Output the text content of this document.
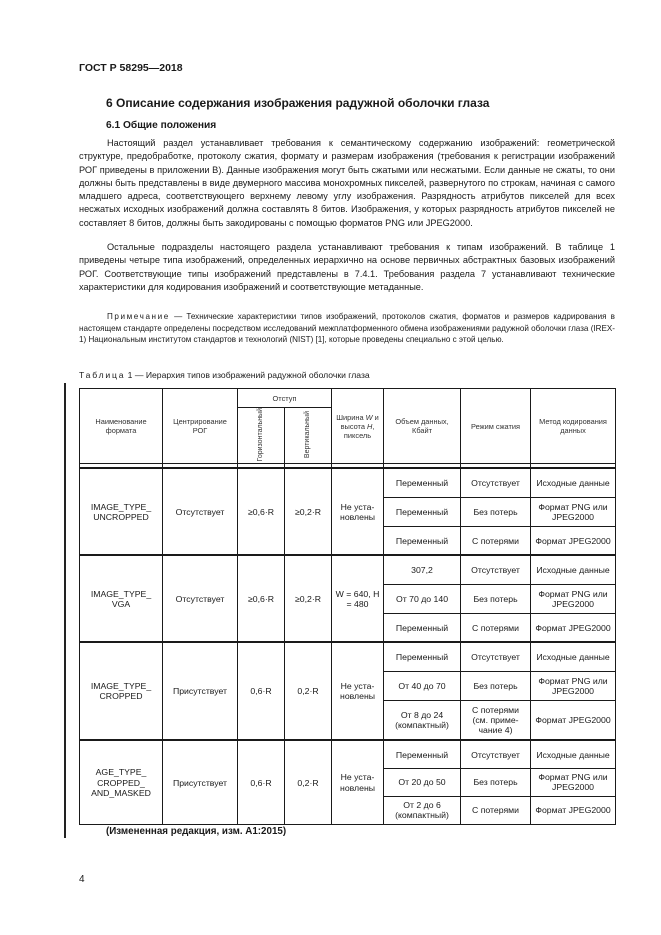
ГОСТ Р 58295—2018
6 Описание содержания изображения радужной оболочки глаза
6.1 Общие положения
Настоящий раздел устанавливает требования к семантическому содержанию изображений: геометрической структуре, предобработке, протоколу сжатия, формату и размерам изображения (требования к регистрации изображений РОГ приведены в приложении B). Данные изображения могут быть сжатыми или несжатыми. Если данные не сжаты, то они должны быть представлены в виде двумерного массива монохромных пикселей, развернутого по строкам, начиная с самого младшего адреса, соответствующего верхнему левому углу изображения. Разрядность атрибутов пикселей для всех несжатых исходных изображений должна составлять 8 битов. Изображения, у которых разрядность атрибутов пикселей не составляет 8 битов, должны быть закодированы с помощью форматов PNG или JPEG2000.
Остальные подразделы настоящего раздела устанавливают требования к типам изображений. В таблице 1 приведены четыре типа изображений, определенных иерархично на основе первичных абстрактных базовых изображений РОГ. Соответствующие типы изображений представлены в 7.4.1. Требования раздела 7 устанавливают технические характеристики для кодирования изображений и соответствующие метаданные.
Примечание — Технические характеристики типов изображений, протоколов сжатия, форматов и размеров кадрирования в настоящем стандарте определены посредством исследований межплатформенного обмена изображениями радужной оболочки глаза (IREX-1) Национальным институтом стандартов и технологий (NIST) [1], которые проведены специально с этой целью.
Таблица 1 — Иерархия типов изображений радужной оболочки глаза
Наименование формата	Центрирование РОГ	Отступ		Ширина W и высота H, пиксель	Объем данных, Кбайт	Режим сжатия	Метод кодирования данных
		Горизонтальный	Вертикальный				

IMAGE_TYPE_ UNCROPPED	Отсутствует	≥0,6·R	≥0,2·R	Не установлены	Переменный	Отсутствует	Исходные данные
					Переменный	Без потерь	Формат PNG или JPEG2000
					Переменный	С потерями	Формат JPEG2000
IMAGE_TYPE_ VGA	Отсутствует	≥0,6·R	≥0,2·R	W = 640, H = 480	307,2	Отсутствует	Исходные данные
					От 70 до 140	Без потерь	Формат PNG или JPEG2000
					Переменный	С потерями	Формат JPEG2000
IMAGE_TYPE_ CROPPED	Присутствует	0,6·R	0,2·R	Не установлены	Переменный	Отсутствует	Исходные данные
					От 40 до 70	Без потерь	Формат PNG или JPEG2000
					От 8 до 24 (компактный)	С потерями (см. примечание 4)	Формат JPEG2000
AGE_TYPE_ CROPPED_ AND_MASKED	Присутствует	0,6·R	0,2·R	Не установлены	Переменный	Отсутствует	Исходные данные
					От 20 до 50	Без потерь	Формат PNG или JPEG2000
					От 2 до 6 (компактный)	С потерями	Формат JPEG2000
(Измененная редакция, изм. А1:2015)
4
